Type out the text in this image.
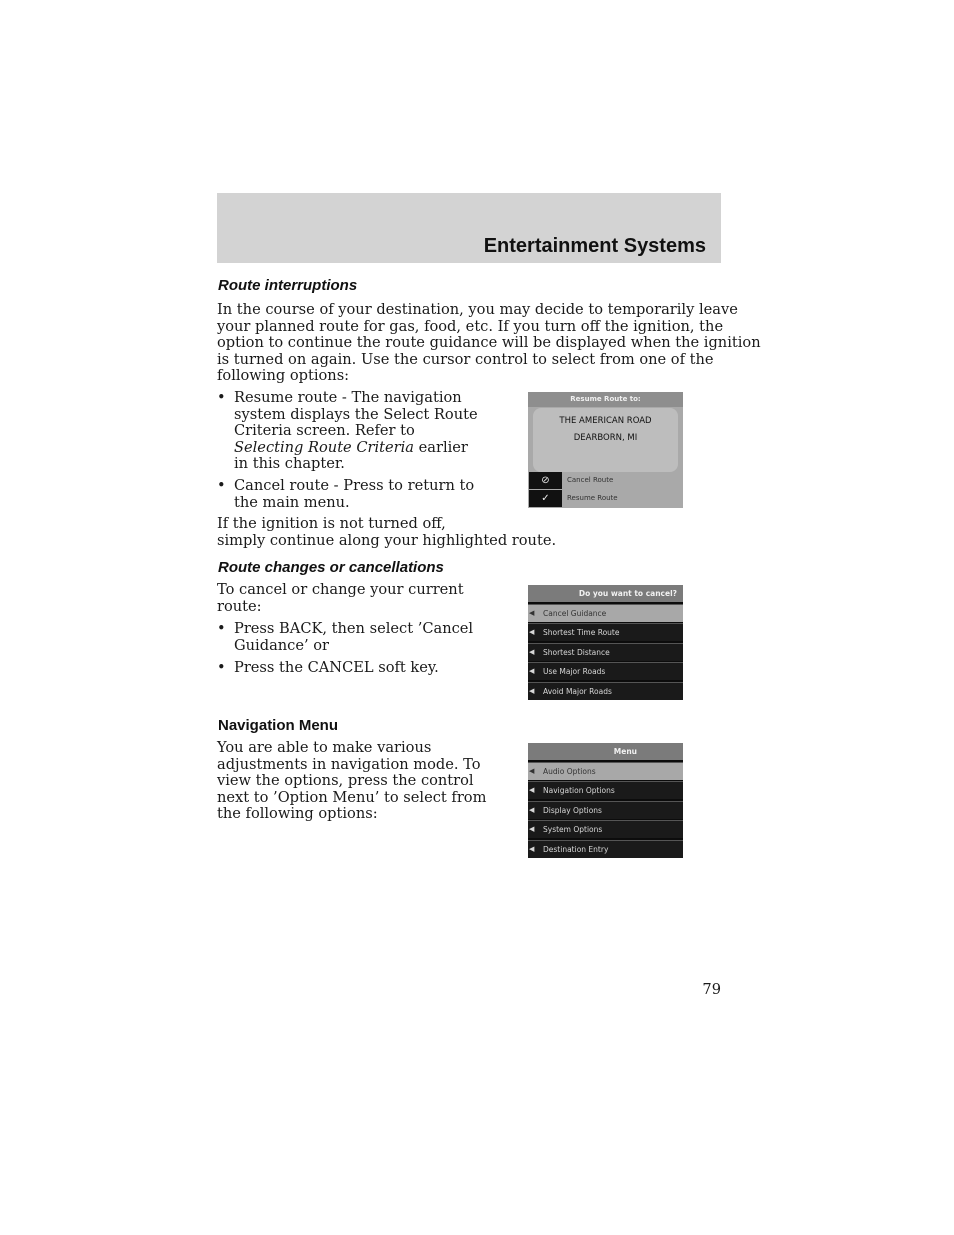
Entertainment Systems
Route interruptions
In the course of your destination, you may decide to temporarily leave
your planned route for gas, food, etc. If you turn off the ignition, the
option to continue the route guidance will be displayed when the ignition
is turned on again. Use the cursor control to select from one of the
following options:
• Resume route - The navigation
system displays the Select Route
Criteria screen. Refer to
Selecting Route Criteria earlier
in this chapter.
• Cancel route - Press to return to
the main menu.
If the ignition is not turned off,
simply continue along your highlighted route.
Resume Route to:
THE AMERICAN ROAD
DEARBORN, MI
⊘	Cancel Route
✓	Resume Route
Route changes or cancellations
To cancel or change your current
route:
• Press BACK, then select ’Cancel
Guidance’ or
• Press the CANCEL soft key.
Do you want to cancel?
◀ Cancel Guidance
◀ Shortest Time Route
◀ Shortest Distance
◀ Use Major Roads
◀ Avoid Major Roads
Navigation Menu
You are able to make various
adjustments in navigation mode. To
view the options, press the control
next to ’Option Menu’ to select from
the following options:
Menu
◀ Audio Options
◀ Navigation Options
◀ Display Options
◀ System Options
◀ Destination Entry
79
